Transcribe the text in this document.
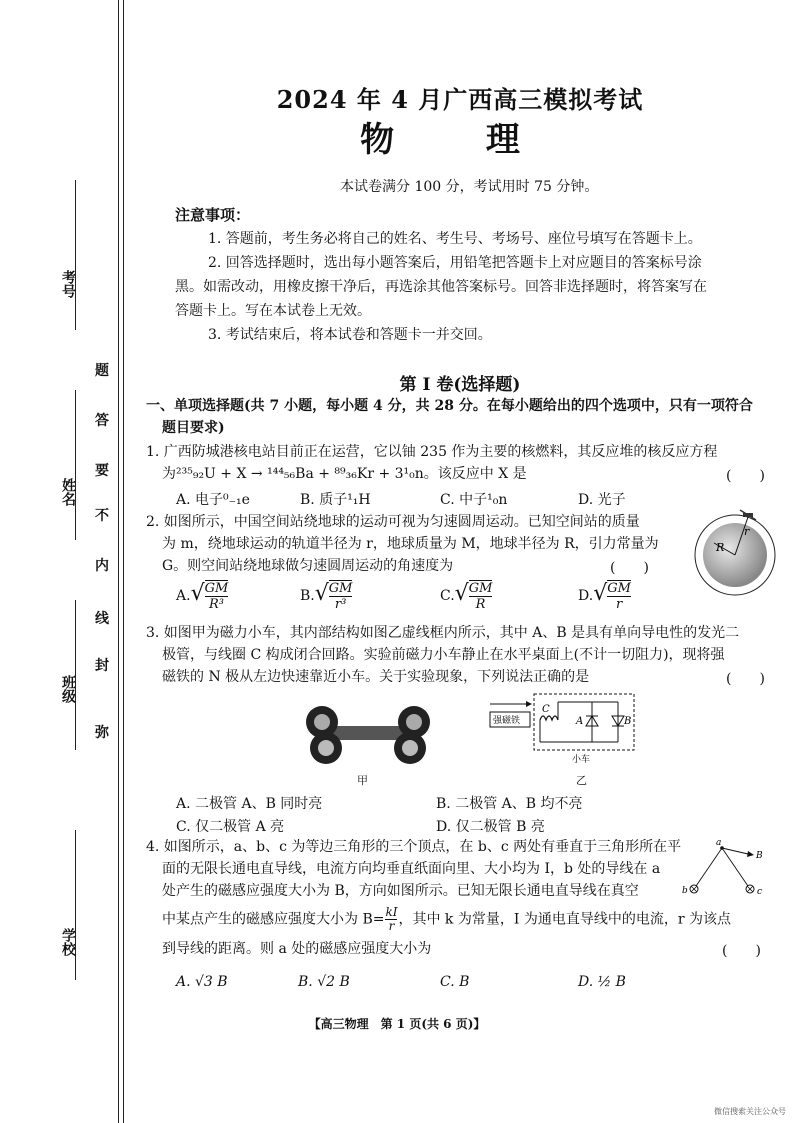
考号
姓名
班级
学校
弥
封
线
内
不
要
答
题
2024 年 4 月广西高三模拟考试
物 理
本试卷满分 100 分，考试用时 75 分钟。
注意事项：
1. 答题前，考生务必将自己的姓名、考生号、考场号、座位号填写在答题卡上。
2. 回答选择题时，选出每小题答案后，用铅笔把答题卡上对应题目的答案标号涂
黑。如需改动，用橡皮擦干净后，再选涂其他答案标号。回答非选择题时，将答案写在
答题卡上。写在本试卷上无效。
3. 考试结束后，将本试卷和答题卡一并交回。
第 Ⅰ 卷(选择题)
一、单项选择题(共 7 小题，每小题 4 分，共 28 分。在每小题给出的四个选项中，只有一项符合
题目要求)
1. 广西防城港核电站目前正在运营，它以铀 235 作为主要的核燃料，其反应堆的核反应方程
为²³⁵₉₂U + X → ¹⁴⁴₅₆Ba + ⁸⁹₃₆Kr + 3¹₀n。该反应中 X 是	(　　)
A. 电子⁰₋₁e	B. 质子¹₁H	C. 中子¹₀n	D. 光子
2. 如图所示，中国空间站绕地球的运动可视为匀速圆周运动。已知空间站的质量
为 m，绕地球运动的轨道半径为 r，地球质量为 M，地球半径为 R，引力常量为
G。则空间站绕地球做匀速圆周运动的角速度为	(　　)
R
r
$A.√ \frac{GM}{\text{R³}}$	$B.√ \frac{GM}{\text{r³}}$	$C.√ \frac{GM}{R}$	$D.√ \frac{GM}{r}$
3. 如图甲为磁力小车，其内部结构如图乙虚线框内所示，其中 A、B 是具有单向导电性的发光二
极管，与线圈 C 构成闭合回路。实验前磁力小车静止在水平桌面上(不计一切阻力)，现将强
磁铁的 N 极从左边快速靠近小车。关于实验现象，下列说法正确的是	(　　)
甲
强磁铁
C
A	B
小车
乙
A. 二极管 A、B 同时亮	B. 二极管 A、B 均不亮
C. 仅二极管 A 亮	D. 仅二极管 B 亮
4. 如图所示，a、b、c 为等边三角形的三个顶点，在 b、c 两处有垂直于三角形所在平
面的无限长通电直导线，电流方向均垂直纸面向里、大小均为 I，b 处的导线在 a
处产生的磁感应强度大小为 B，方向如图所示。已知无限长通电直导线在真空
中某点产生的磁感应强度大小为 $B= \frac{kI}{r}$ ，其中 k 为常量，I 为通电直导线中的电流，r 为该点
到导线的距离。则 a 处的磁感应强度大小为	(　　)
a
b	c
B
A. √3 B	B. √2 B	C. B	D. ½ B
【高三物理　第 1 页(共 6 页)】
微信搜索关注公众号
